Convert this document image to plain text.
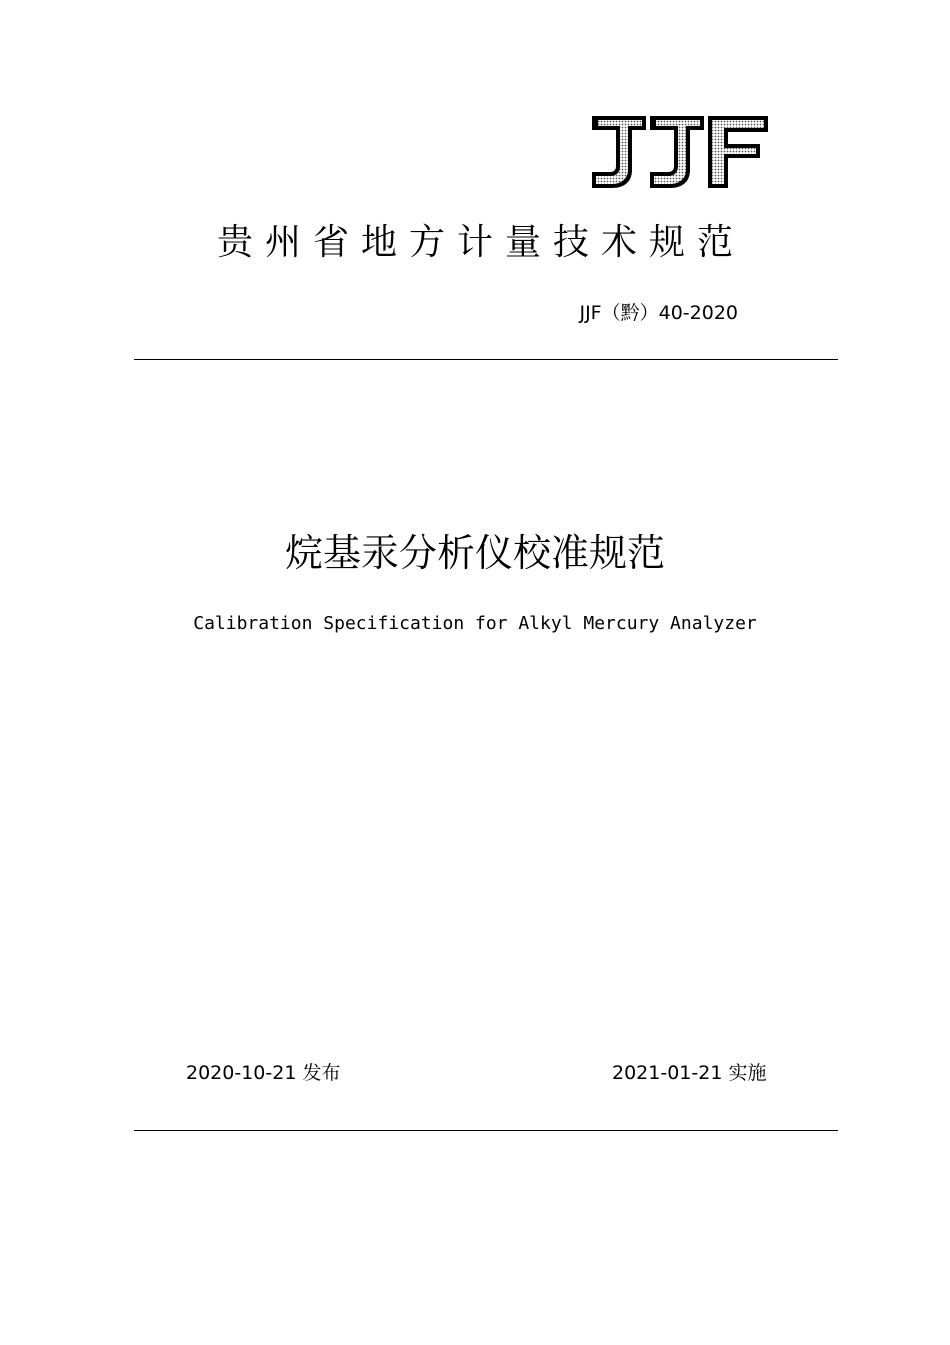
贵州省地方计量技术规范
JJF（黔）40-2020
烷基汞分析仪校准规范
Calibration Specification for Alkyl Mercury Analyzer
2020-10-21 发布	2021-01-21 实施
